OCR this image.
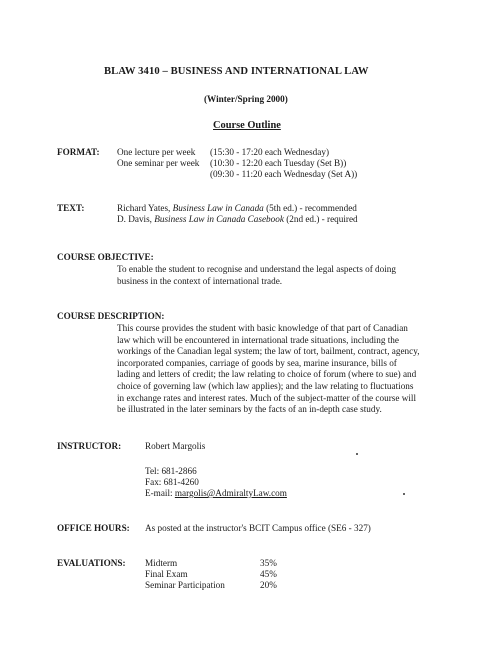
BLAW 3410 – BUSINESS AND INTERNATIONAL LAW
(Winter/Spring 2000)
Course Outline
FORMAT: One lecture per week (15:30 - 17:20 each Wednesday)
One seminar per week (10:30 - 12:20 each Tuesday (Set B))
(09:30 - 11:20 each Wednesday (Set A))
TEXT:	Richard Yates, Business Law in Canada (5th ed.) - recommended
D. Davis, Business Law in Canada Casebook (2nd ed.) - required
COURSE OBJECTIVE:
To enable the student to recognise and understand the legal aspects of doing
business in the context of international trade.
COURSE DESCRIPTION:
This course provides the student with basic knowledge of that part of Canadian
law which will be encountered in international trade situations, including the
workings of the Canadian legal system; the law of tort, bailment, contract, agency,
incorporated companies, carriage of goods by sea, marine insurance, bills of
lading and letters of credit; the law relating to choice of forum (where to sue) and
choice of governing law (which law applies); and the law relating to fluctuations
in exchange rates and interest rates. Much of the subject-matter of the course will
be illustrated in the later seminars by the facts of an in-depth case study.
INSTRUCTOR:	Robert Margolis
Tel: 681-2866
Fax: 681-4260
E-mail: margolis@AdmiraltyLaw.com
OFFICE HOURS: As posted at the instructor's BCIT Campus office (SE6 - 327)
EVALUATIONS: Midterm	35%
Final Exam	45%
Seminar Participation	20%
